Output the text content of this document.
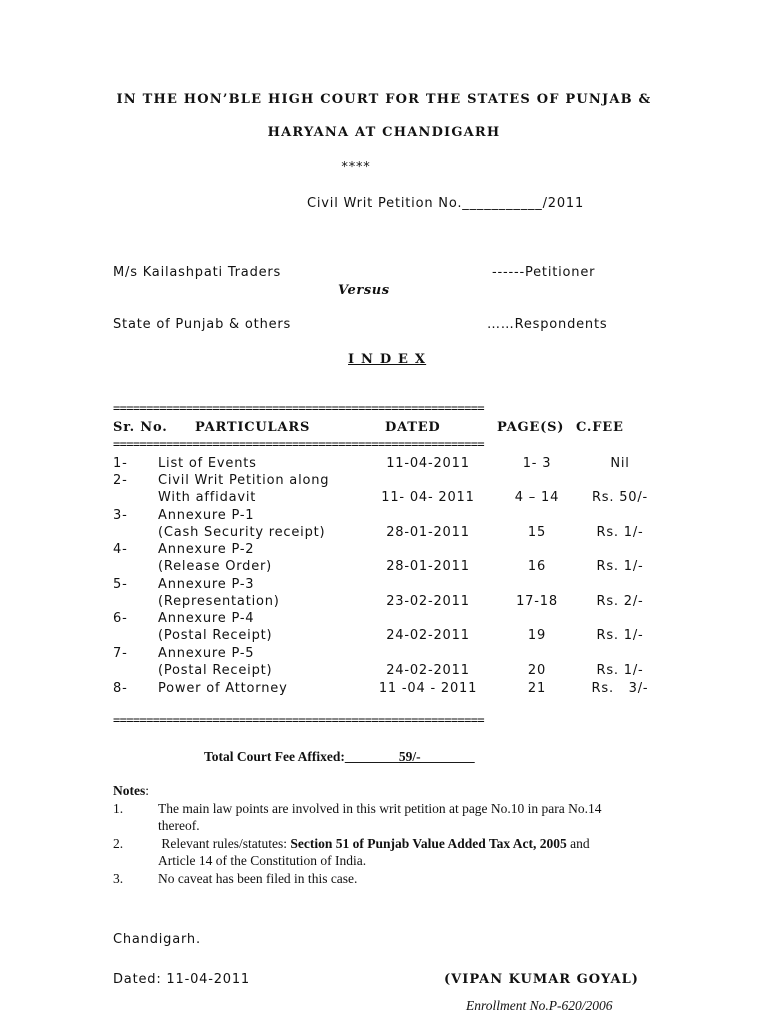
IN THE HON’BLE HIGH COURT FOR THE STATES OF PUNJAB &
HARYANA AT CHANDIGARH
****
Civil Writ Petition No.___________/2011
M/s Kailashpati Traders	------Petitioner
Versus
State of Punjab & others	……Respondents
I N D E X
========================================================
Sr. No. PARTICULARS	DATED	PAGE(S) C.FEE
========================================================
1-	List of Events	11-04-2011	1- 3	Nil
2-	Civil Writ Petition along
With affidavit	11- 04- 2011	4 – 14	Rs. 50/-
3-	Annexure P-1
(Cash Security receipt)	28-01-2011	15	Rs. 1/-
4-	Annexure P-2
(Release Order)	28-01-2011	16	Rs. 1/-
5-	Annexure P-3
(Representation)	23-02-2011	17-18	Rs. 2/-
6-	Annexure P-4
(Postal Receipt)	24-02-2011	19	Rs. 1/-
7-	Annexure P-5
(Postal Receipt)	24-02-2011	20	Rs. 1/-
8-	Power of Attorney	11 -04 - 2011	21	Rs.   3/-
========================================================
Total Court Fee Affixed:________59/-________
Notes:
1.	The main law points are involved in this writ petition at page No.10 in para No.14
thereof.
2.	Relevant rules/statutes: Section 51 of Punjab Value Added Tax Act, 2005 and
Article 14 of the Constitution of India.
3.	No caveat has been filed in this case.
Chandigarh.
Dated: 11-04-2011	(VIPAN KUMAR GOYAL)
Enrollment No.P-620/2006
